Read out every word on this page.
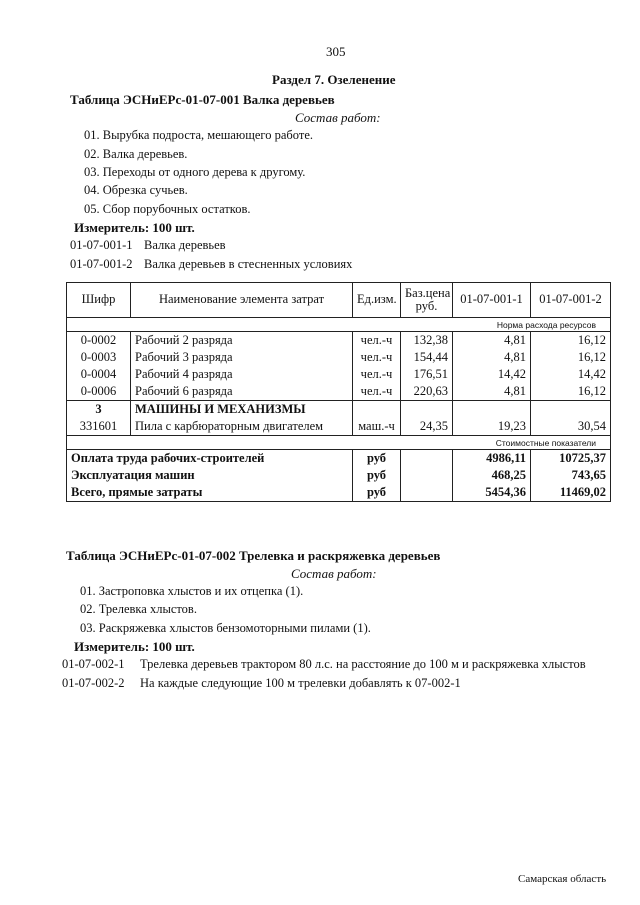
305
Раздел 7. Озеленение
Таблица ЭСНиЕРс-01-07-001 Валка деревьев
Состав работ:
01. Вырубка подроста, мешающего работе.
02. Валка деревьев.
03. Переходы от одного дерева к другому.
04. Обрезка сучьев.
05. Сбор порубочных остатков.
Измеритель: 100 шт.
01-07-001-1 Валка деревьев
01-07-001-2 Валка деревьев в стесненных условиях
Шифр	Наименование элемента затрат	Ед.изм.	Баз.цена руб.	01-07-001-1	01-07-001-2
Норма расхода ресурсов					
0-0002	Рабочий 2 разряда	чел.-ч	132,38	4,81	16,12
0-0003	Рабочий 3 разряда	чел.-ч	154,44	4,81	16,12
0-0004	Рабочий 4 разряда	чел.-ч	176,51	14,42	14,42
0-0006	Рабочий 6 разряда	чел.-ч	220,63	4,81	16,12
3	МАШИНЫ И МЕХАНИЗМЫ				
331601	Пила с карбюраторным двигателем	маш.-ч	24,35	19,23	30,54
Стоимостные показатели					
Оплата труда рабочих-строителей		руб		4986,11	10725,37
Эксплуатация машин		руб		468,25	743,65
Всего, прямые затраты		руб		5454,36	11469,02
Таблица ЭСНиЕРс-01-07-002 Трелевка и раскряжевка деревьев
Состав работ:
01. Застроповка хлыстов и их отцепка (1).
02. Трелевка хлыстов.
03. Раскряжевка хлыстов бензомоторными пилами (1).
Измеритель: 100 шт.
01-07-002-1 Трелевка деревьев трактором 80 л.с. на расстояние до 100 м и раскряжевка хлыстов
01-07-002-2 На каждые следующие 100 м трелевки добавлять к 07-002-1
Самарская область
